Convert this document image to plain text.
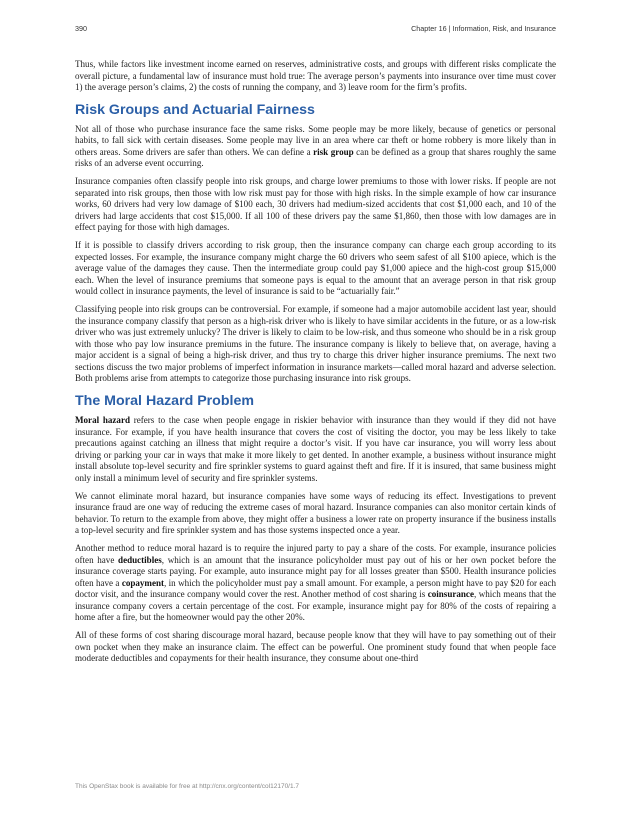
390	Chapter 16 | Information, Risk, and Insurance

Thus, while factors like investment income earned on reserves, administrative costs, and groups with different risks complicate the overall picture, a fundamental law of insurance must hold true: The average person’s payments into insurance over time must cover 1) the average person’s claims, 2) the costs of running the company, and 3) leave room for the firm’s profits.

Risk Groups and Actuarial Fairness

Not all of those who purchase insurance face the same risks. Some people may be more likely, because of genetics or personal habits, to fall sick with certain diseases. Some people may live in an area where car theft or home robbery is more likely than in others areas. Some drivers are safer than others. We can define a risk group can be defined as a group that shares roughly the same risks of an adverse event occurring.

Insurance companies often classify people into risk groups, and charge lower premiums to those with lower risks. If people are not separated into risk groups, then those with low risk must pay for those with high risks. In the simple example of how car insurance works, 60 drivers had very low damage of $100 each, 30 drivers had medium-sized accidents that cost $1,000 each, and 10 of the drivers had large accidents that cost $15,000. If all 100 of these drivers pay the same $1,860, then those with low damages are in effect paying for those with high damages.

If it is possible to classify drivers according to risk group, then the insurance company can charge each group according to its expected losses. For example, the insurance company might charge the 60 drivers who seem safest of all $100 apiece, which is the average value of the damages they cause. Then the intermediate group could pay $1,000 apiece and the high-cost group $15,000 each. When the level of insurance premiums that someone pays is equal to the amount that an average person in that risk group would collect in insurance payments, the level of insurance is said to be “actuarially fair.”

Classifying people into risk groups can be controversial. For example, if someone had a major automobile accident last year, should the insurance company classify that person as a high-risk driver who is likely to have similar accidents in the future, or as a low-risk driver who was just extremely unlucky? The driver is likely to claim to be low-risk, and thus someone who should be in a risk group with those who pay low insurance premiums in the future. The insurance company is likely to believe that, on average, having a major accident is a signal of being a high-risk driver, and thus try to charge this driver higher insurance premiums. The next two sections discuss the two major problems of imperfect information in insurance markets—called moral hazard and adverse selection. Both problems arise from attempts to categorize those purchasing insurance into risk groups.

The Moral Hazard Problem

Moral hazard refers to the case when people engage in riskier behavior with insurance than they would if they did not have insurance. For example, if you have health insurance that covers the cost of visiting the doctor, you may be less likely to take precautions against catching an illness that might require a doctor’s visit. If you have car insurance, you will worry less about driving or parking your car in ways that make it more likely to get dented. In another example, a business without insurance might install absolute top-level security and fire sprinkler systems to guard against theft and fire. If it is insured, that same business might only install a minimum level of security and fire sprinkler systems.

We cannot eliminate moral hazard, but insurance companies have some ways of reducing its effect. Investigations to prevent insurance fraud are one way of reducing the extreme cases of moral hazard. Insurance companies can also monitor certain kinds of behavior. To return to the example from above, they might offer a business a lower rate on property insurance if the business installs a top-level security and fire sprinkler system and has those systems inspected once a year.

Another method to reduce moral hazard is to require the injured party to pay a share of the costs. For example, insurance policies often have deductibles, which is an amount that the insurance policyholder must pay out of his or her own pocket before the insurance coverage starts paying. For example, auto insurance might pay for all losses greater than $500. Health insurance policies often have a copayment, in which the policyholder must pay a small amount. For example, a person might have to pay $20 for each doctor visit, and the insurance company would cover the rest. Another method of cost sharing is coinsurance, which means that the insurance company covers a certain percentage of the cost. For example, insurance might pay for 80% of the costs of repairing a home after a fire, but the homeowner would pay the other 20%.

All of these forms of cost sharing discourage moral hazard, because people know that they will have to pay something out of their own pocket when they make an insurance claim. The effect can be powerful. One prominent study found that when people face moderate deductibles and copayments for their health insurance, they consume about one-third

This OpenStax book is available for free at http://cnx.org/content/col12170/1.7
